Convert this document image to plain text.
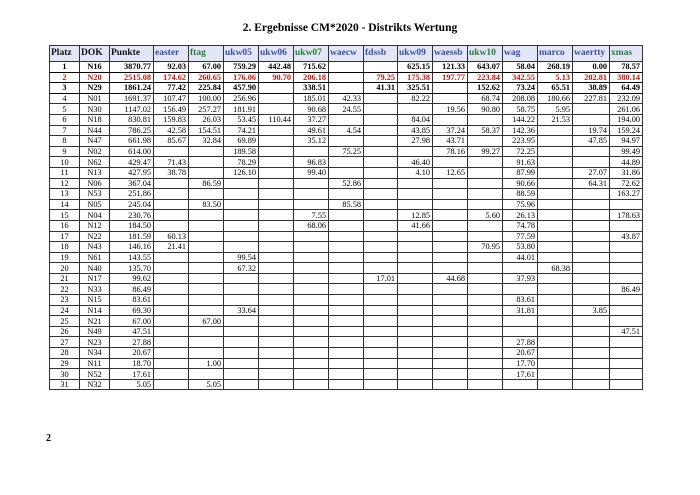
2. Ergebnisse CM*2020 - Distrikts Wertung
Platz	DOK	Punkte	easter	ftag	ukw05	ukw06	ukw07	waecw	fdssb	ukw09	waessb	ukw10	wag	marco	waertty	xmas
1	N16	3870.77	92.03	67.00	759.29	442.48	715.62			625.15	121.33	643.07	58.04	268.19	0.00	78.57
2	N20	2515.08	174.62	260.65	176.06	90.70	206.18		79.25	175.38	197.77	223.84	342.55	5.13	202.81	380.14
3	N29	1861.24	77.42	225.84	457.90		338.51		41.31	325.51		152.62	73.24	65.51	38.89	64.49
4	N01	1691.37	107.47	100.00	256.96		185.01	42.33		82.22		68.74	208.08	180.66	227.81	232.09
5	N30	1147.02	156.49	257.27	181.91		90.68	24.55			19.56	90.80	58.75	5.95		261.06
6	N18	830.81	159.83	26.03	53.45	110.44	37.27			84.04			144.22	21.53		194.00
7	N44	786.25	42.58	154.51	74.21		49.61	4.54		43.85	37.24	58.37	142.36		19.74	159.24
8	N47	661.98	85.67	32.84	69.89		35.12			27.98	43.71		223.95		47.85	94.97
9	N02	614.00			189.58			75.25			78.16	99.27	72.25			99.49
10	N62	429.47	71.43		78.29		96.83			46.40			91.63			44.89
11	N13	427.95	38.78		126.10		99.40			4.10	12.65		87.99		27.07	31.86
12	N06	367.04		86.59				52.86					90.66		64.31	72.62
13	N53	251.86											88.59			163.27
14	N05	245.04		83.50				85.58					75.96			
15	N04	230.76					7.55			12.85		5.60	26.13			178.63
16	N12	184.50					68.06			41.66			74.78			
17	N22	181.59	60.13										77.59			43.87
18	N43	146.16	21.41									70.95	53.80			
19	N61	143.55			99.54								44.01			
20	N40	135.70			67.32									68.38		
21	N17	99.62							17.01		44.68		37.93			
22	N33	86.49														86.49
23	N15	83.61											83.61			
24	N14	69.30			33.64								31.81		3.85	
25	N21	67.00		67.00												
26	N49	47.51														47.51
27	N23	27.88											27.88			
28	N34	20.67											20.67			
29	N11	18.70		1.00									17.70			
30	N52	17.61											17.61			
31	N32	5.05		5.05												
2
